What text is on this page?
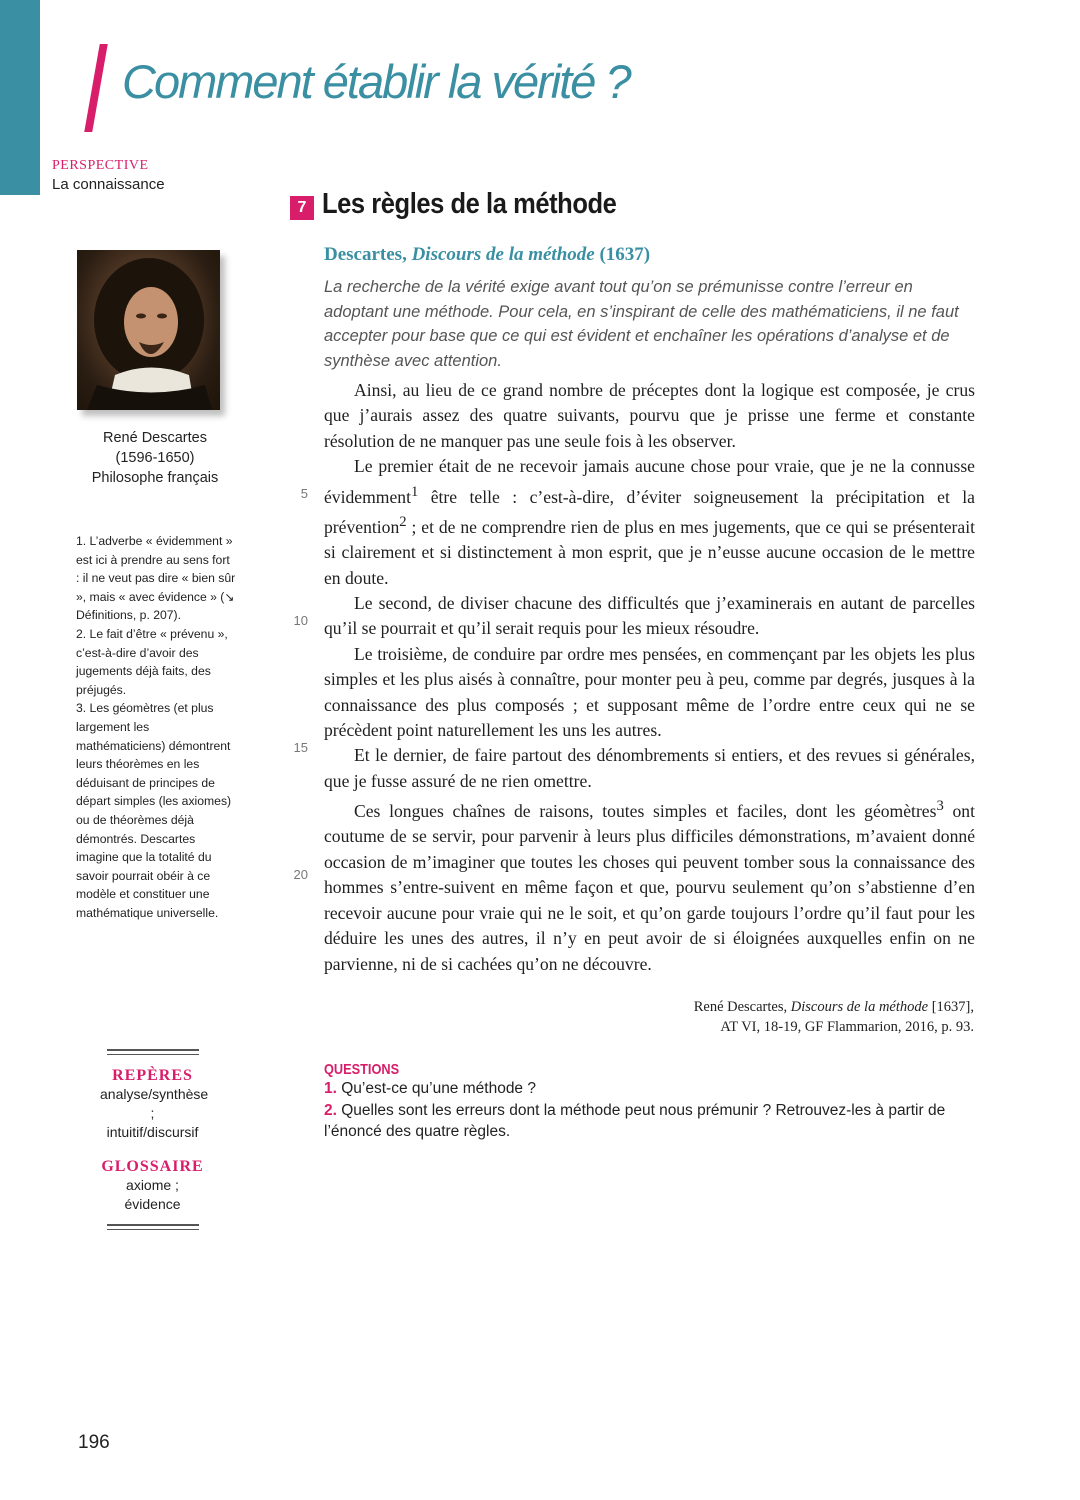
Comment établir la vérité ?
PERSPECTIVE
La connaissance
René Descartes
(1596-1650)
Philosophe français

1. L’adverbe « évidemment » est ici à prendre au sens fort : il ne veut pas dire « bien sûr », mais « avec évidence » (↘ Définitions, p. 207).

2. Le fait d’être « prévenu », c’est-à-dire d’avoir des jugements déjà faits, des préjugés.

3. Les géomètres (et plus largement les mathématiciens) démontrent leurs théorèmes en les déduisant de principes de départ simples (les axiomes) ou de théorèmes déjà démontrés. Descartes imagine que la totalité du savoir pourrait obéir à ce modèle et constituer une mathématique universelle.

REPÈRES
analyse/synthèse ;
intuitif/discursif
GLOSSAIRE
axiome ;
évidence
7 Les règles de la méthode
Descartes, Discours de la méthode (1637)

La recherche de la vérité exige avant tout qu’on se prémunisse contre l’erreur en adoptant une méthode. Pour cela, en s’inspirant de celle des mathématiciens, il ne faut accepter pour base que ce qui est évident et enchaîner les opérations d’analyse et de synthèse avec attention.

Ainsi, au lieu de ce grand nombre de préceptes dont la logique est composée, je crus que j’aurais assez des quatre suivants, pourvu que je prisse une ferme et constante résolution de ne manquer pas une seule fois à les observer.

Le premier était de ne recevoir jamais aucune chose pour vraie, que je ne la connusse évidemment$^1$ être telle : c’est-à-dire, d’éviter soigneusement la précipitation et la prévention$^2$ ; et de ne comprendre rien de plus en mes jugements, que ce qui se présenterait si clairement et si distinctement à mon esprit, que je n’eusse aucune occasion de le mettre en doute.

Le second, de diviser chacune des difficultés que j’examinerais en autant de parcelles qu’il se pourrait et qu’il serait requis pour les mieux résoudre.

Le troisième, de conduire par ordre mes pensées, en commençant par les objets les plus simples et les plus aisés à connaître, pour monter peu à peu, comme par degrés, jusques à la connaissance des plus composés ; et supposant même de l’ordre entre ceux qui ne se précèdent point naturellement les uns les autres.

Et le dernier, de faire partout des dénombrements si entiers, et des revues si générales, que je fusse assuré de ne rien omettre.

Ces longues chaînes de raisons, toutes simples et faciles, dont les géomètres$^3$ ont coutume de se servir, pour parvenir à leurs plus difficiles démonstrations, m’avaient donné occasion de m’imaginer que toutes les choses qui peuvent tomber sous la connaissance des hommes s’entre-suivent en même façon et que, pourvu seulement qu’on s’abstienne d’en recevoir aucune pour vraie qui ne le soit, et qu’on garde toujours l’ordre qu’il faut pour les déduire les unes des autres, il n’y en peut avoir de si éloignées auxquelles enfin on ne parvienne, ni de si cachées qu’on ne découvre.

5
10
15
20
René Descartes, Discours de la méthode [1637],
AT VI, 18-19, GF Flammarion, 2016, p. 93.
QUESTIONS
1. Qu’est-ce qu’une méthode ?
2. Quelles sont les erreurs dont la méthode peut nous prémunir ? Retrouvez-les à partir de l’énoncé des quatre règles.
196
